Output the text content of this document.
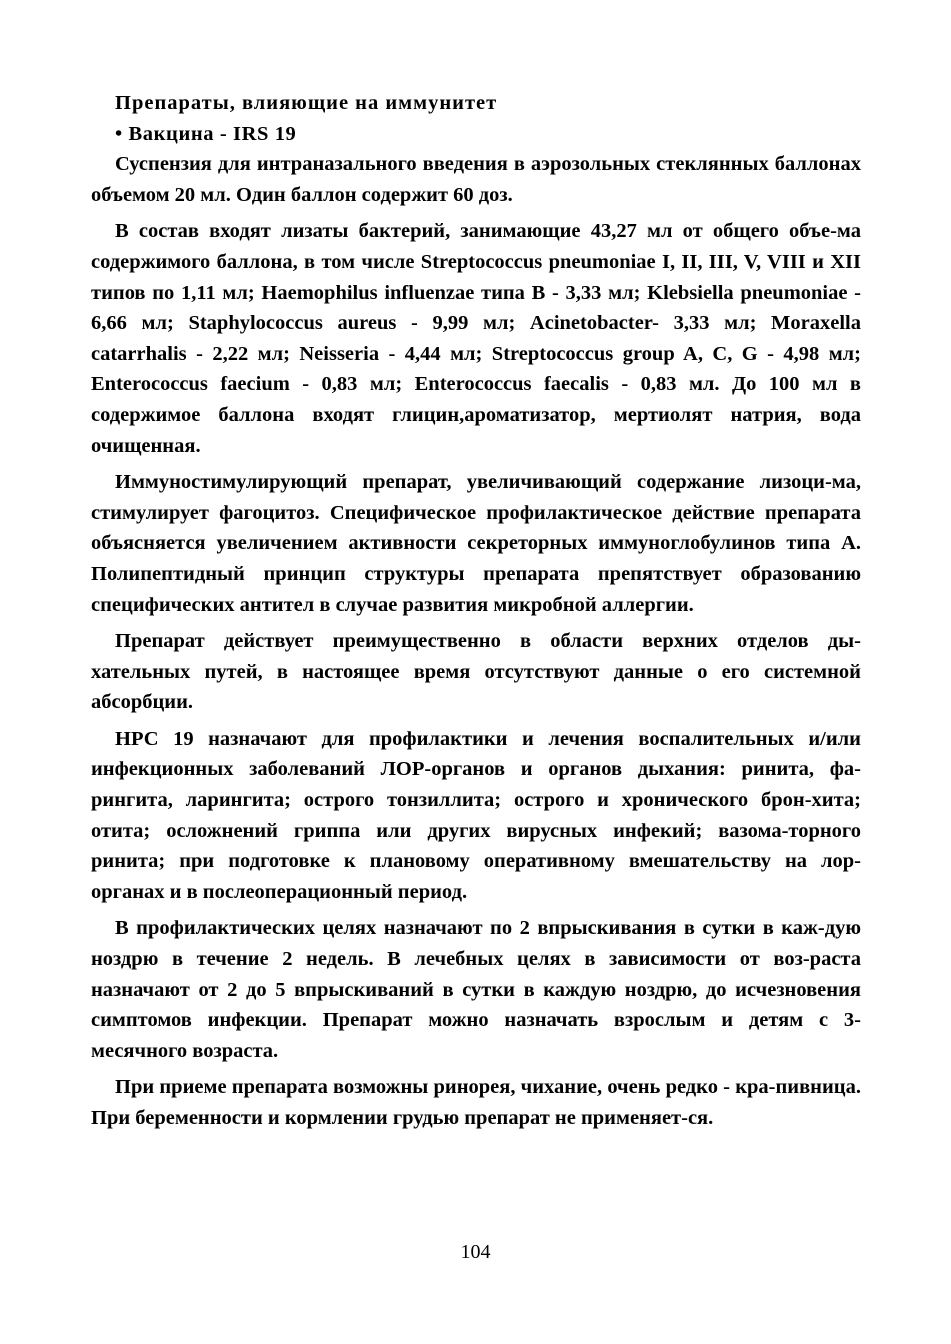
Препараты, влияющие на иммунитет

• Вакцина - IRS 19

Суспензия для интраназального введения в аэрозольных стеклянных баллонах объемом 20 мл. Один баллон содержит 60 доз.

В состав входят лизаты бактерий, занимающие 43,27 мл от общего объе-ма содержимого баллона, в том числе Streptococcus pneumoniae I, II, III, V, VIII и XII типов по 1,11 мл; Haemophilus influenzae типа B - 3,33 мл; Klebsiella pneumoniae - 6,66 мл; Staphylococcus aureus - 9,99 мл; Acinetobacter- 3,33 мл; Moraxella catarrhalis - 2,22 мл; Neisseria - 4,44 мл; Streptococcus group A, C, G - 4,98 мл; Enterococcus faecium - 0,83 мл; Enterococcus faecalis - 0,83 мл. До 100 мл в содержимое баллона входят глицин,ароматизатор, мертиолят натрия, вода очищенная.

Иммуностимулирующий препарат, увеличивающий содержание лизоци-ма, стимулирует фагоцитоз. Специфическое профилактическое действие препарата объясняется увеличением активности секреторных иммуноглобулинов типа A. Полипептидный принцип структуры препарата препятствует образованию специфических антител в случае развития микробной аллергии.

Препарат действует преимущественно в области верхних отделов ды-хательных путей, в настоящее время отсутствуют данные о его системной абсорбции.

НРС 19 назначают для профилактики и лечения воспалительных и/или инфекционных заболеваний ЛОР-органов и органов дыхания: ринита, фа-рингита, ларингита; острого тонзиллита; острого и хронического брон-хита; отита; осложнений гриппа или других вирусных инфекий; вазома-торного ринита; при подготовке к плановому оперативному вмешательству на лор-органах и в послеоперационный период.

В профилактических целях назначают по 2 впрыскивания в сутки в каж-дую ноздрю в течение 2 недель. В лечебных целях в зависимости от воз-раста назначают от 2 до 5 впрыскиваний в сутки в каждую ноздрю, до исчезновения симптомов инфекции. Препарат можно назначать взрослым и детям с 3-месячного возраста.

При приеме препарата возможны ринорея, чихание, очень редко - кра-пивница. При беременности и кормлении грудью препарат не применяет-ся.

104
